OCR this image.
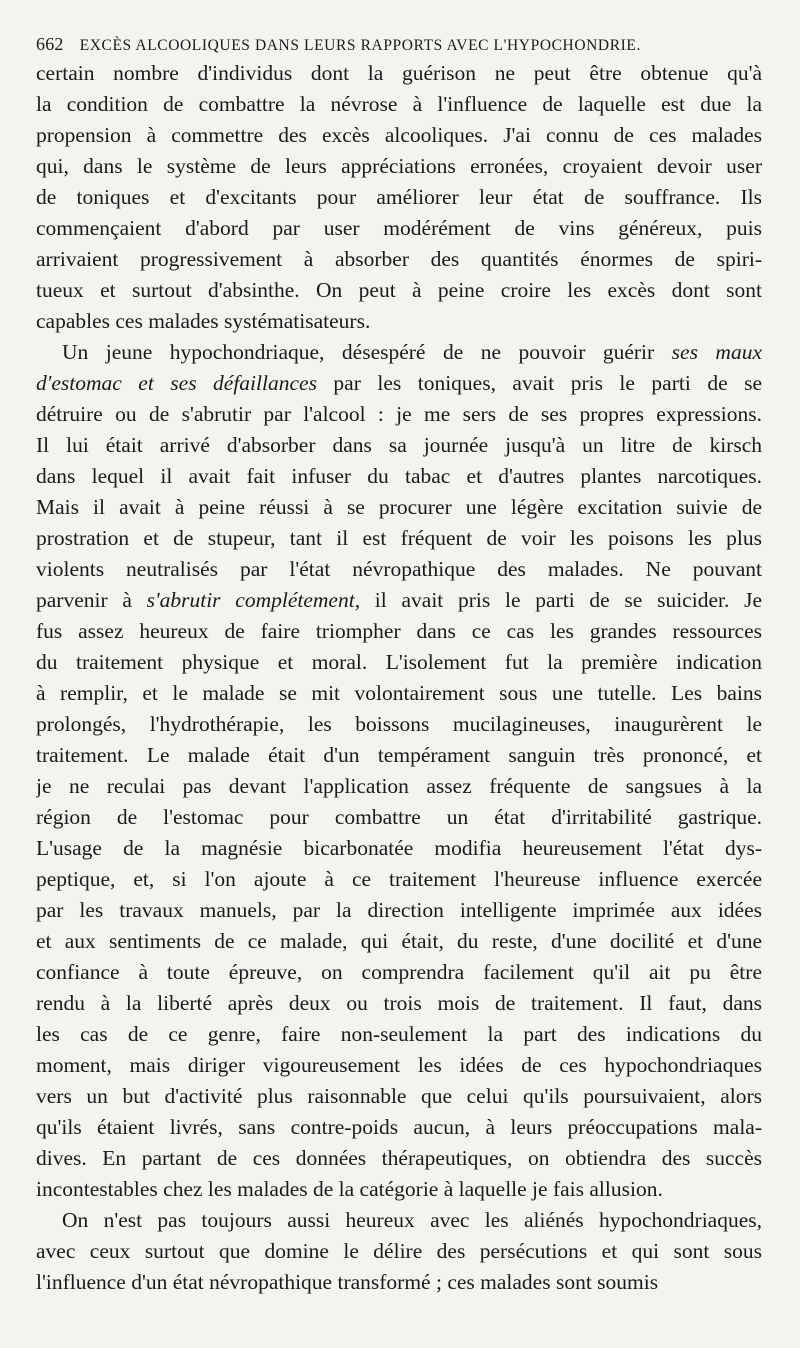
662 EXCÈS ALCOOLIQUES DANS LEURS RAPPORTS AVEC L'HYPOCHONDRIE.
certain nombre d'individus dont la guérison ne peut être obtenue qu'à
la condition de combattre la névrose à l'influence de laquelle est due la
propension à commettre des excès alcooliques. J'ai connu de ces malades
qui, dans le système de leurs appréciations erronées, croyaient devoir user
de toniques et d'excitants pour améliorer leur état de souffrance. Ils
commençaient d'abord par user modérément de vins généreux, puis
arrivaient progressivement à absorber des quantités énormes de spiri-
tueux et surtout d'absinthe. On peut à peine croire les excès dont sont
capables ces malades systématisateurs.
Un jeune hypochondriaque, désespéré de ne pouvoir guérir ses maux
d'estomac et ses défaillances par les toniques, avait pris le parti de se
détruire ou de s'abrutir par l'alcool : je me sers de ses propres expressions.
Il lui était arrivé d'absorber dans sa journée jusqu'à un litre de kirsch
dans lequel il avait fait infuser du tabac et d'autres plantes narcotiques.
Mais il avait à peine réussi à se procurer une légère excitation suivie de
prostration et de stupeur, tant il est fréquent de voir les poisons les plus
violents neutralisés par l'état névropathique des malades. Ne pouvant
parvenir à s'abrutir complétement, il avait pris le parti de se suicider. Je
fus assez heureux de faire triompher dans ce cas les grandes ressources
du traitement physique et moral. L'isolement fut la première indication
à remplir, et le malade se mit volontairement sous une tutelle. Les bains
prolongés, l'hydrothérapie, les boissons mucilagineuses, inaugurèrent le
traitement. Le malade était d'un tempérament sanguin très prononcé, et
je ne reculai pas devant l'application assez fréquente de sangsues à la
région de l'estomac pour combattre un état d'irritabilité gastrique.
L'usage de la magnésie bicarbonatée modifia heureusement l'état dys-
peptique, et, si l'on ajoute à ce traitement l'heureuse influence exercée
par les travaux manuels, par la direction intelligente imprimée aux idées
et aux sentiments de ce malade, qui était, du reste, d'une docilité et d'une
confiance à toute épreuve, on comprendra facilement qu'il ait pu être
rendu à la liberté après deux ou trois mois de traitement. Il faut, dans
les cas de ce genre, faire non-seulement la part des indications du
moment, mais diriger vigoureusement les idées de ces hypochondriaques
vers un but d'activité plus raisonnable que celui qu'ils poursuivaient, alors
qu'ils étaient livrés, sans contre-poids aucun, à leurs préoccupations mala-
dives. En partant de ces données thérapeutiques, on obtiendra des succès
incontestables chez les malades de la catégorie à laquelle je fais allusion.
On n'est pas toujours aussi heureux avec les aliénés hypochondriaques,
avec ceux surtout que domine le délire des persécutions et qui sont sous
l'influence d'un état névropathique transformé ; ces malades sont soumis
